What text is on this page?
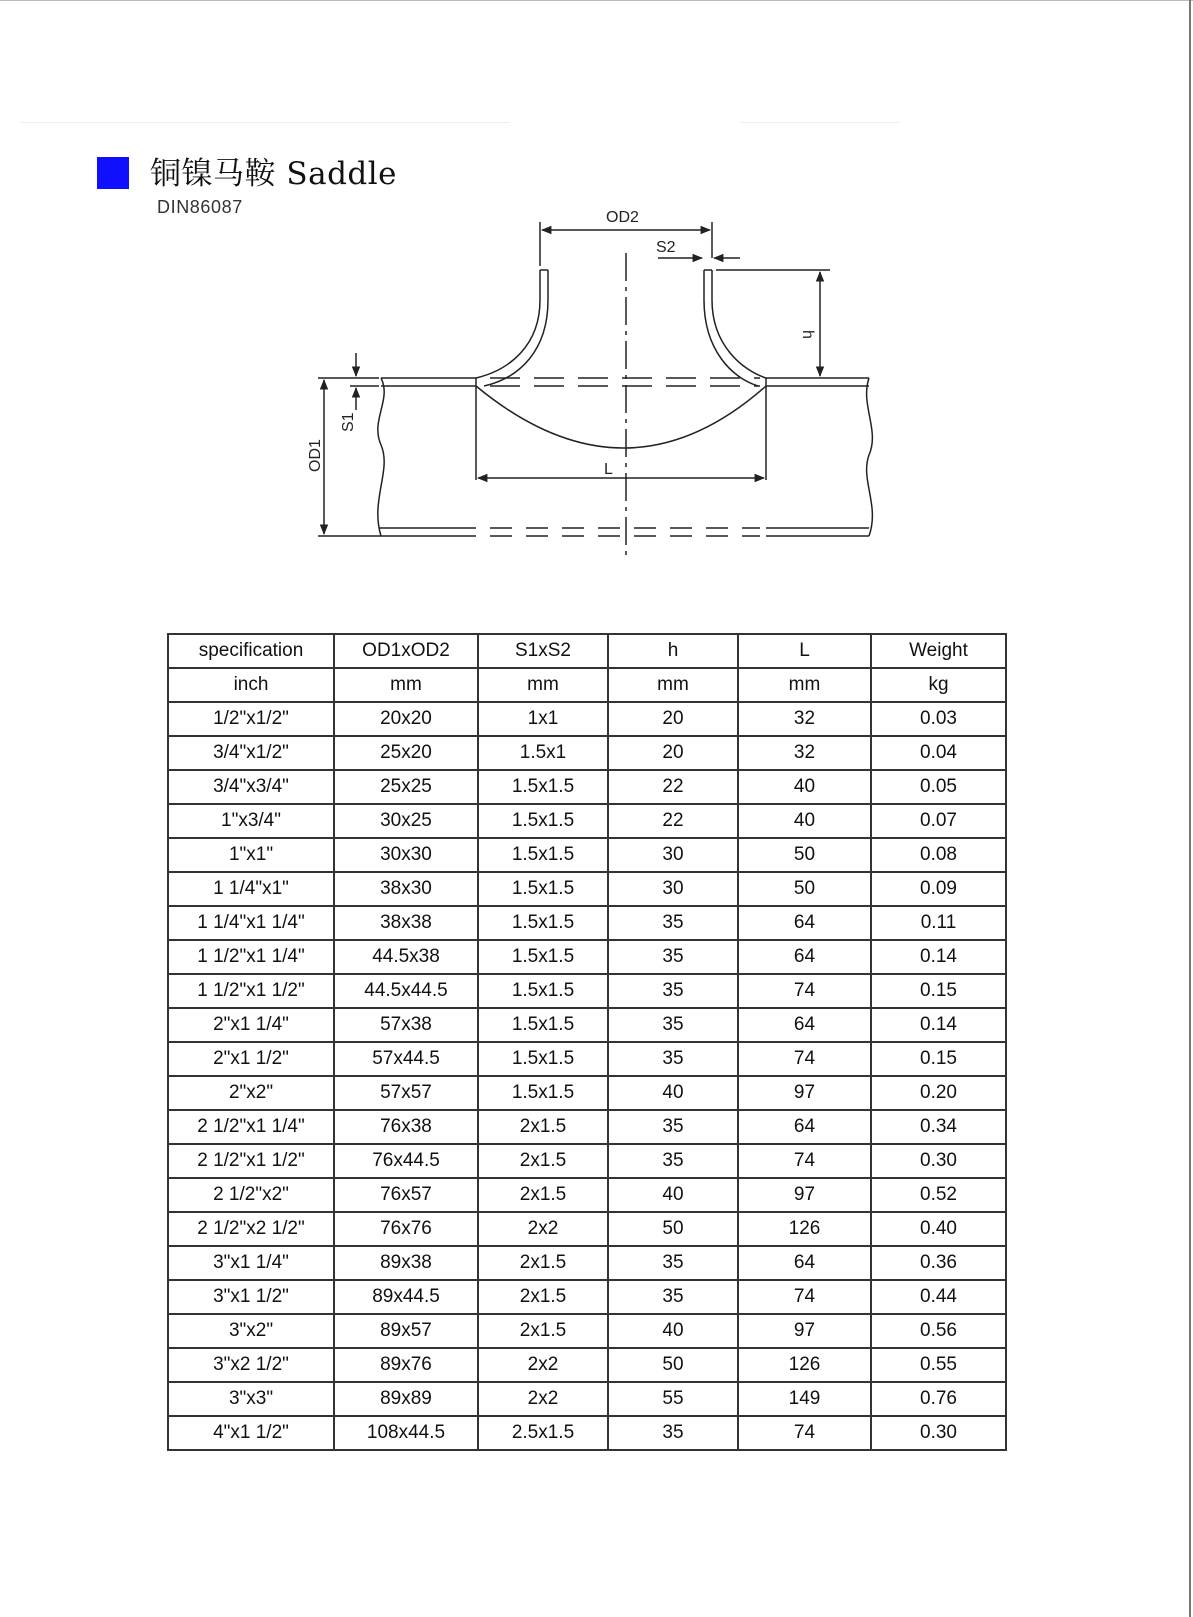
铜镍马鞍 Saddle
DIN86087
OD2
S2
L
h
OD1
S1
specification	OD1xOD2	S1xS2	h	L	Weight
inch	mm	mm	mm	mm	kg
1/2"x1/2"	20x20	1x1	20	32	0.03
3/4"x1/2"	25x20	1.5x1	20	32	0.04
3/4"x3/4"	25x25	1.5x1.5	22	40	0.05
1"x3/4"	30x25	1.5x1.5	22	40	0.07
1"x1"	30x30	1.5x1.5	30	50	0.08
1 1/4"x1"	38x30	1.5x1.5	30	50	0.09
1 1/4"x1 1/4"	38x38	1.5x1.5	35	64	0.11
1 1/2"x1 1/4"	44.5x38	1.5x1.5	35	64	0.14
1 1/2"x1 1/2"	44.5x44.5	1.5x1.5	35	74	0.15
2"x1 1/4"	57x38	1.5x1.5	35	64	0.14
2"x1 1/2"	57x44.5	1.5x1.5	35	74	0.15
2"x2"	57x57	1.5x1.5	40	97	0.20
2 1/2"x1 1/4"	76x38	2x1.5	35	64	0.34
2 1/2"x1 1/2"	76x44.5	2x1.5	35	74	0.30
2 1/2"x2"	76x57	2x1.5	40	97	0.52
2 1/2"x2 1/2"	76x76	2x2	50	126	0.40
3"x1 1/4"	89x38	2x1.5	35	64	0.36
3"x1 1/2"	89x44.5	2x1.5	35	74	0.44
3"x2"	89x57	2x1.5	40	97	0.56
3"x2 1/2"	89x76	2x2	50	126	0.55
3"x3"	89x89	2x2	55	149	0.76
4"x1 1/2"	108x44.5	2.5x1.5	35	74	0.30
